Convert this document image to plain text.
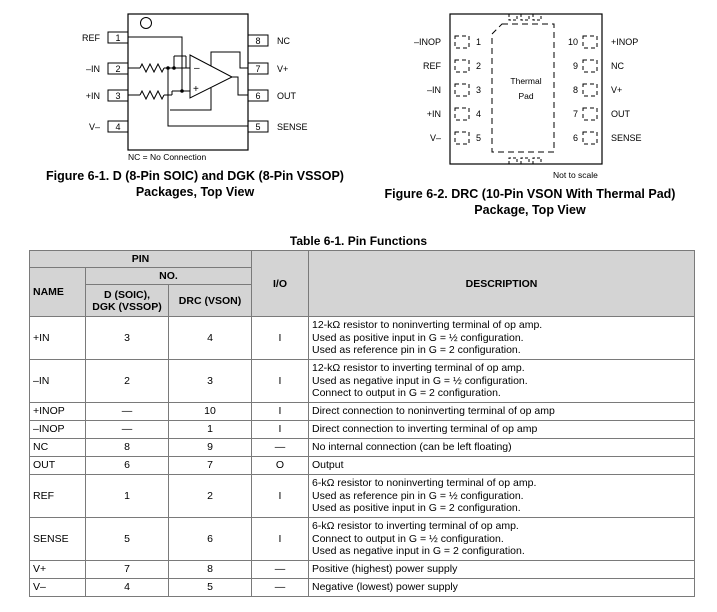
REF 1
–IN 2
+IN 3
V– 4
8 NC
7 V+
6 OUT
5 SENSE
–
+
NC = No Connection
Thermal
Pad
–INOP
REF
–IN
+IN
V–
1
2
3
4
5
10
9
8
7
6
+INOP
NC
V+
OUT
SENSE
Not to scale
Figure 6-1. D (8-Pin SOIC) and DGK (8-Pin VSSOP)
Packages, Top View	Figure 6-2. DRC (10-Pin VSON With Thermal Pad)
Package, Top View
Table 6-1. Pin Functions
PIN			I/O	DESCRIPTION
NAME	NO.			

	D (SOIC),
DGK (VSSOP)	DRC (VSON)		
+IN	3	4	I	12-kΩ resistor to noninverting terminal of op amp.
Used as positive input in G = ½ configuration.
Used as reference pin in G = 2 configuration.

–IN	2	3	I	12-kΩ resistor to inverting terminal of op amp.
Used as negative input in G = ½ configuration.
Connect to output in G = 2 configuration.

+INOP	—	10	I	Direct connection to noninverting terminal of op amp

–INOP	—	1	I	Direct connection to inverting terminal of op amp

NC	8	9	—	No internal connection (can be left floating)

OUT	6	7	O	Output

REF	1	2	I	6-kΩ resistor to noninverting terminal of op amp.
Used as reference pin in G = ½ configuration.
Used as positive input in G = 2 configuration.

SENSE	5	6	I	6-kΩ resistor to inverting terminal of op amp.
Connect to output in G = ½ configuration.
Used as negative input in G = 2 configuration.

V+	7	8	—	Positive (highest) power supply

V–	4	5	—	Negative (lowest) power supply
